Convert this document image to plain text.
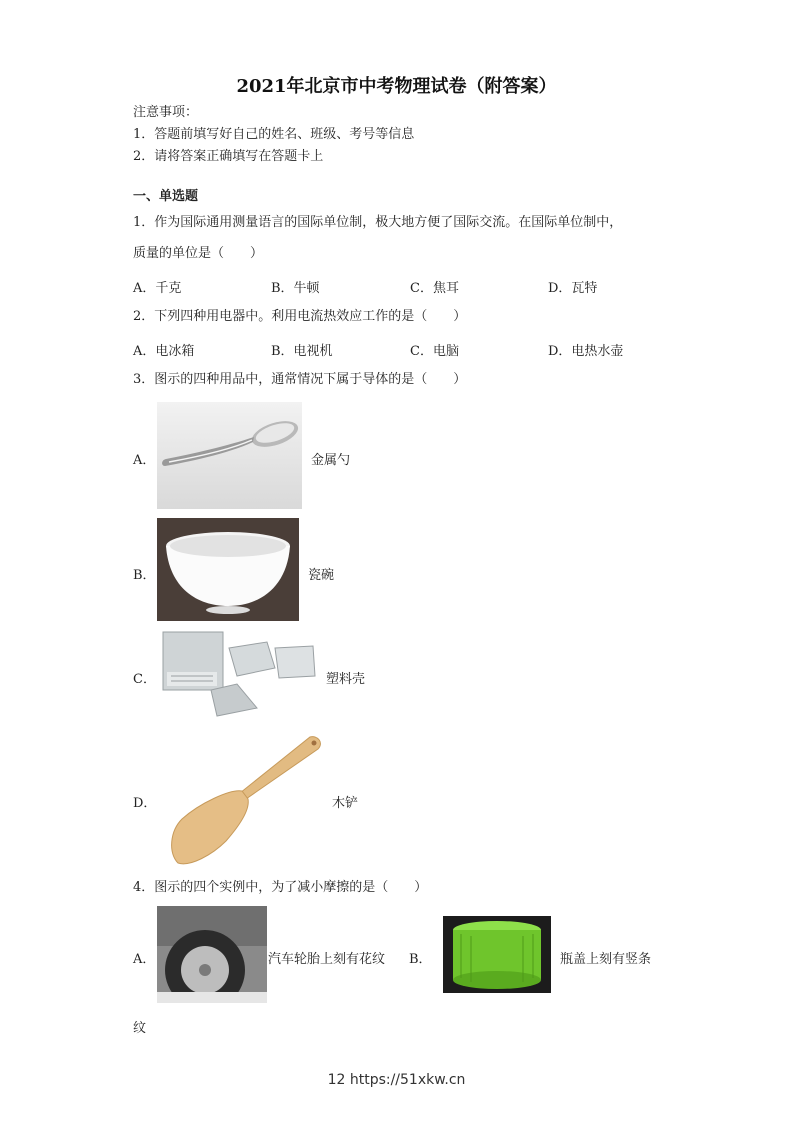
2021年北京市中考物理试卷（附答案）
注意事项：
1．答题前填写好自己的姓名、班级、考号等信息
2．请将答案正确填写在答题卡上
一、单选题
1．作为国际通用测量语言的国际单位制，极大地方便了国际交流。在国际单位制中，
质量的单位是（　　）
A．千克	B．牛顿	C．焦耳	D．瓦特
2．下列四种用电器中。利用电流热效应工作的是（　　）
A．电冰箱	B．电视机	C．电脑	D．电热水壶
3．图示的四种用品中，通常情况下属于导体的是（　　）
A．	金属勺
B．	瓷碗
C．	塑料壳
D．	木铲
4．图示的四个实例中，为了减小摩擦的是（　　）
A．	汽车轮胎上刻有花纹 B．	瓶盖上刻有竖条
纹
12 https://51xkw.cn
